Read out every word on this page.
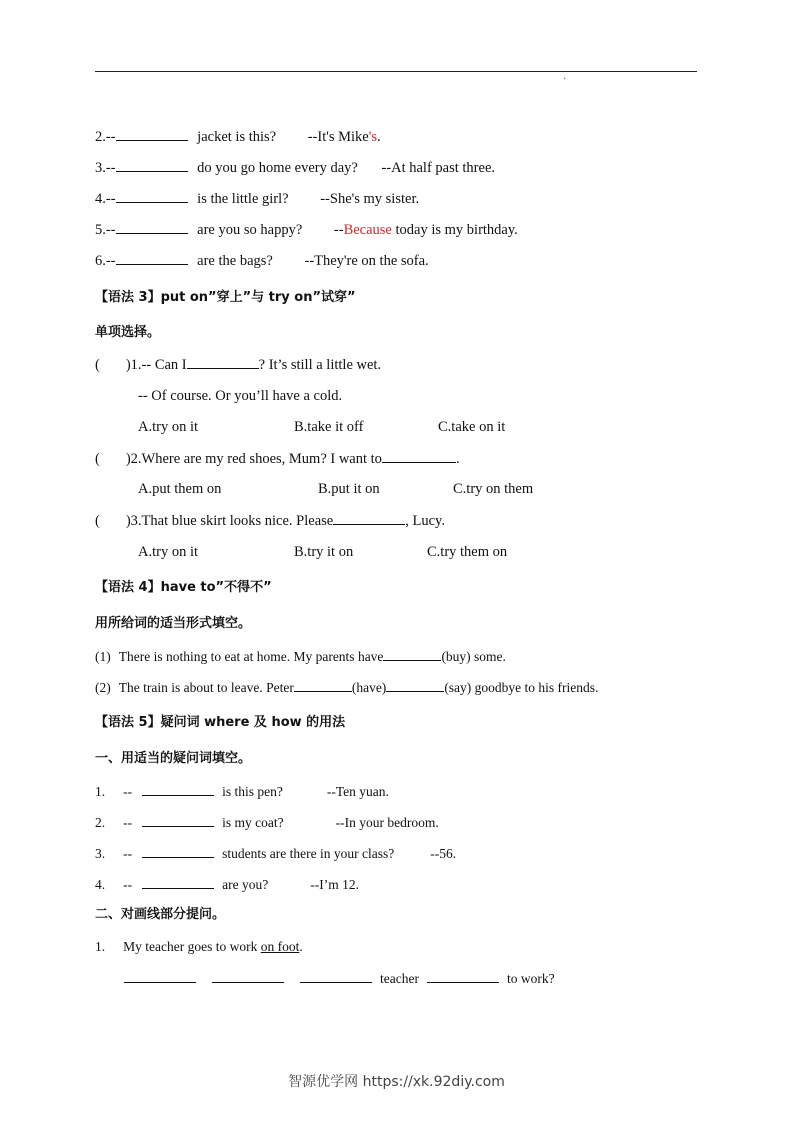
·
2.--	jacket is this? --It's Mike's.
3.--	do you go home every day? --At half past three.
4.--	is the little girl? --She's my sister.
5.--	are you so happy? --Because today is my birthday.
6.--	are the bags? --They're on the sofa.
【语法 3】put on”穿上”与 try on”试穿”
单项选择。
( )1.-- Can I	? It’s still a little wet.
-- Of course. Or you’ll have a cold.
A.try on it	B.take it off	C.take on it
( )2.Where are my red shoes, Mum? I want to	.
A.put them on	B.put it on	C.try on them
( )3.That blue skirt looks nice. Please	, Lucy.
A.try on it	B.try it on	C.try them on
【语法 4】have to”不得不”
用所给词的适当形式填空。
(1) There is nothing to eat at home. My parents have	(buy) some.
(2) The train is about to leave. Peter	(have)	(say) goodbye to his friends.
【语法 5】疑问词 where 及 how 的用法
一、用适当的疑问词填空。
1. --	is this pen?	--Ten yuan.
2. --	is my coat?	--In your bedroom.
3. --	students are there in your class?	--56.
4. --	are you?	--I’m 12.
二、对画线部分提问。
1. My teacher goes to work on foot.
teacher	to work?
智源优学网 https://xk.92diy.com
